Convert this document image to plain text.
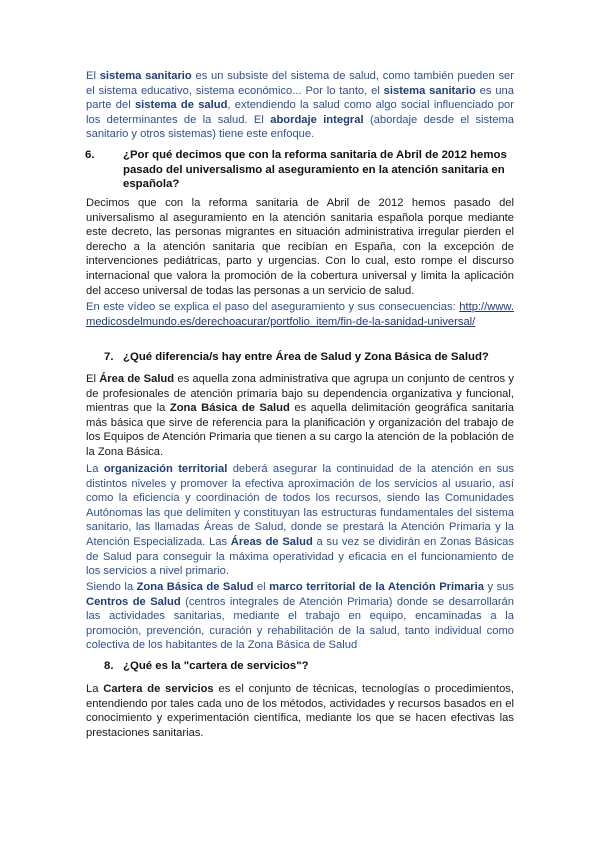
El sistema sanitario es un subsiste del sistema de salud, como también pueden ser el sistema educativo, sistema económico... Por lo tanto, el sistema sanitario es una parte del sistema de salud, extendiendo la salud como algo social influenciado por los determinantes de la salud. El abordaje integral (abordaje desde el sistema sanitario y otros sistemas) tiene este enfoque.

6.	¿Por qué decimos que con la reforma sanitaria de Abril de 2012 hemos pasado del universalismo al aseguramiento en la atención sanitaria en española?

Decimos que con la reforma sanitaria de Abril de 2012 hemos pasado del universalismo al aseguramiento en la atención sanitaria española porque mediante este decreto, las personas migrantes en situación administrativa irregular pierden el derecho a la atención sanitaria que recibían en España, con la excepción de intervenciones pediátricas, parto y urgencias. Con lo cual, esto rompe el discurso internacional que valora la promoción de la cobertura universal y limita la aplicación del acceso universal de todas las personas a un servicio de salud.

En este vídeo se explica el paso del aseguramiento y sus consecuencias: http://www.medicosdelmundo.es/derechoacurar/portfolio_item/fin-de-la-sanidad-universal/

7. ¿Qué diferencia/s hay entre Área de Salud y Zona Básica de Salud?

El Área de Salud es aquella zona administrativa que agrupa un conjunto de centros y de profesionales de atención primaria bajo su dependencia organizativa y funcional, mientras que la Zona Básica de Salud es aquella delimitación geográfica sanitaria más básica que sirve de referencia para la planificación y organización del trabajo de los Equipos de Atención Primaria que tienen a su cargo la atención de la población de la Zona Básica.

La organización territorial deberá asegurar la continuidad de la atención en sus distintos niveles y promover la efectiva aproximación de los servicios al usuario, así como la eficiencia y coordinación de todos los recursos, siendo las Comunidades Autónomas las que delimiten y constituyan las estructuras fundamentales del sistema sanitario, las llamadas Áreas de Salud, donde se prestará la Atención Primaria y la Atención Especializada. Las Áreas de Salud a su vez se dividirán en Zonas Básicas de Salud para conseguir la máxima operatividad y eficacia en el funcionamiento de los servicios a nivel primario.

Siendo la Zona Básica de Salud el marco territorial de la Atención Primaria y sus Centros de Salud (centros integrales de Atención Primaria) donde se desarrollarán las actividades sanitarias, mediante el trabajo en equipo, encaminadas a la promoción, prevención, curación y rehabilitación de la salud, tanto individual como colectiva de los habitantes de la Zona Básica de Salud

8. ¿Qué es la "cartera de servicios"?

La Cartera de servicios es el conjunto de técnicas, tecnologías o procedimientos, entendiendo por tales cada uno de los métodos, actividades y recursos basados en el conocimiento y experimentación científica, mediante los que se hacen efectivas las prestaciones sanitarias.
